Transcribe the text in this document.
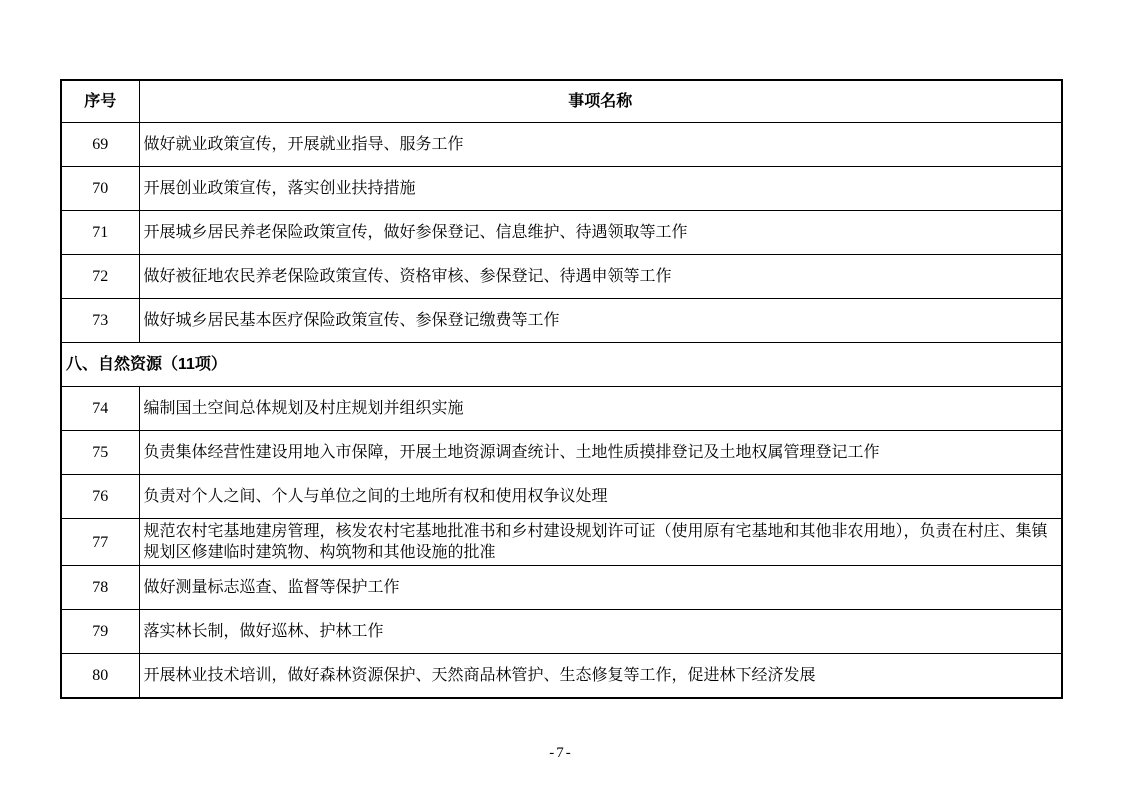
序号	事项名称
69	做好就业政策宣传，开展就业指导、服务工作
70	开展创业政策宣传，落实创业扶持措施
71	开展城乡居民养老保险政策宣传，做好参保登记、信息维护、待遇领取等工作
72	做好被征地农民养老保险政策宣传、资格审核、参保登记、待遇申领等工作
73	做好城乡居民基本医疗保险政策宣传、参保登记缴费等工作
八、自然资源（11项）	
74	编制国土空间总体规划及村庄规划并组织实施
75	负责集体经营性建设用地入市保障，开展土地资源调查统计、土地性质摸排登记及土地权属管理登记工作
76	负责对个人之间、个人与单位之间的土地所有权和使用权争议处理
77	规范农村宅基地建房管理，核发农村宅基地批准书和乡村建设规划许可证（使用原有宅基地和其他非农用地），负责在村庄、集镇规划区修建临时建筑物、构筑物和其他设施的批准
78	做好测量标志巡查、监督等保护工作
79	落实林长制，做好巡林、护林工作
80	开展林业技术培训，做好森林资源保护、天然商品林管护、生态修复等工作，促进林下经济发展
-7-
